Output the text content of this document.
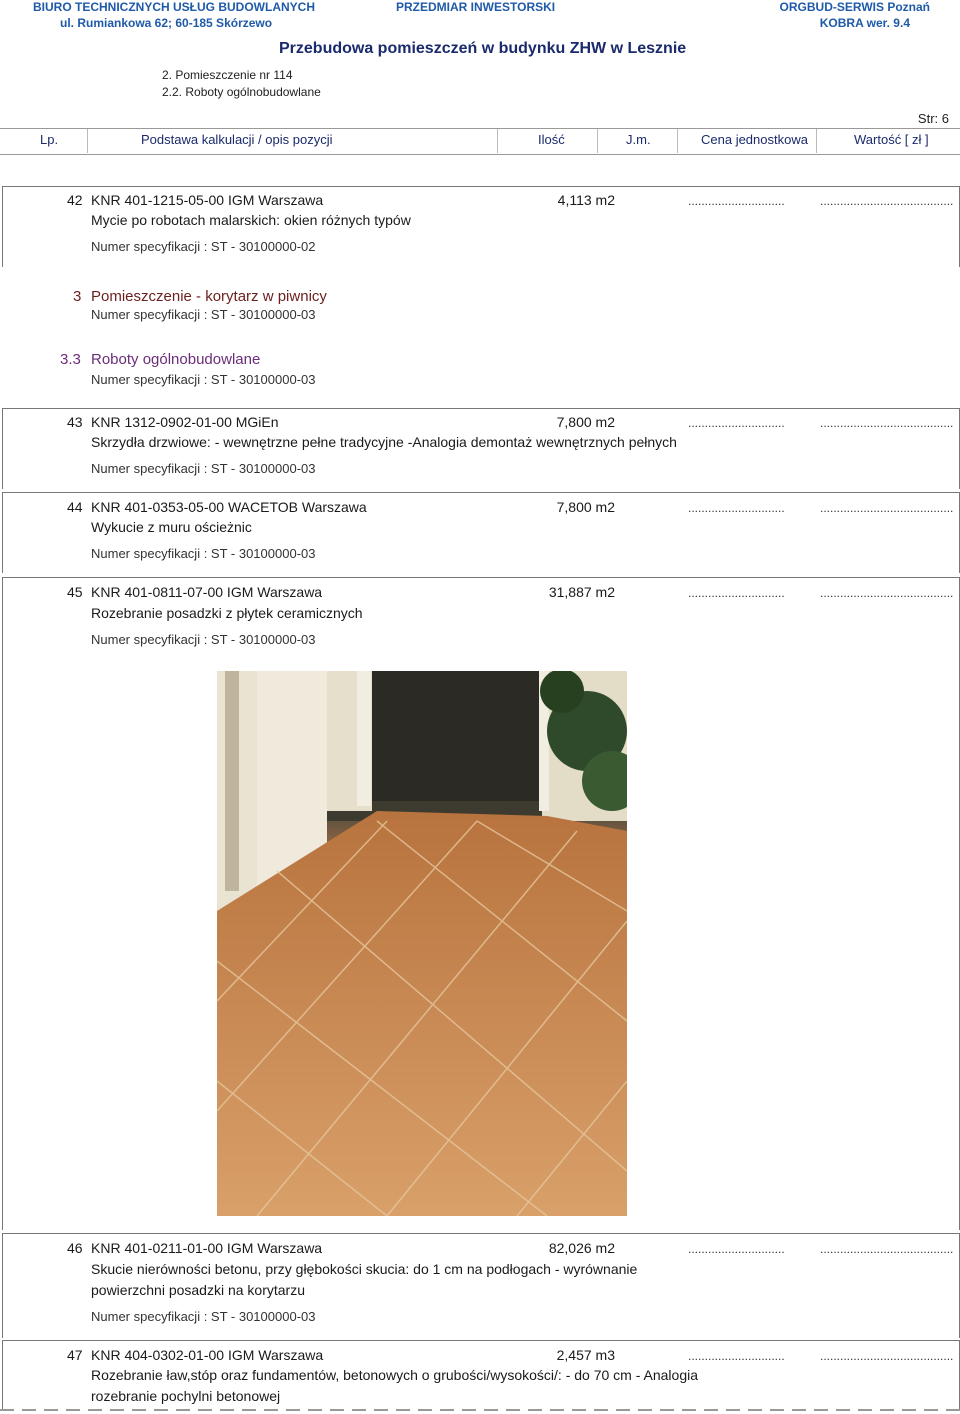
BIURO TECHNICZNYCH USŁUG BUDOWLANYCH
ul. Rumiankowa 62; 60-185 Skórzewo
PRZEDMIAR INWESTORSKI	ORGBUD-SERWIS Poznań
KOBRA wer. 9.4
Przebudowa pomieszczeń w budynku ZHW w Lesznie
2. Pomieszczenie nr 114
2.2. Roboty ogólnobudowlane
Str: 6
Lp.	Podstawa kalkulacji / opis pozycji	Ilość	J.m.	Cena jednostkowa	Wartość [ zł ]
42 KNR 401-1215-05-00 IGM Warszawa	4,113 m2	.............................	........................................
Mycie po robotach malarskich: okien różnych typów
Numer specyfikacji : ST - 30100000-02
3 Pomieszczenie - korytarz w piwnicy
Numer specyfikacji : ST - 30100000-03
3.3 Roboty ogólnobudowlane
Numer specyfikacji : ST - 30100000-03
43 KNR 1312-0902-01-00 MGiEn	7,800 m2	.............................	........................................
Skrzydła drzwiowe: - wewnętrzne pełne tradycyjne -Analogia demontaż wewnętrznych pełnych
Numer specyfikacji : ST - 30100000-03
44 KNR 401-0353-05-00 WACETOB Warszawa	7,800 m2	.............................	........................................
Wykucie z muru ościeżnic
Numer specyfikacji : ST - 30100000-03
45 KNR 401-0811-07-00 IGM Warszawa	31,887 m2	.............................	........................................
Rozebranie posadzki z płytek ceramicznych
Numer specyfikacji : ST - 30100000-03
46 KNR 401-0211-01-00 IGM Warszawa	82,026 m2	.............................	........................................
Skucie nierówności betonu, przy głębokości skucia: do 1 cm na podłogach - wyrównanie
powierzchni posadzki na korytarzu
Numer specyfikacji : ST - 30100000-03
47 KNR 404-0302-01-00 IGM Warszawa	2,457 m3	.............................	........................................
Rozebranie ław,stóp oraz fundamentów, betonowych o grubości/wysokości/: - do 70 cm - Analogia
rozebranie pochylni betonowej
